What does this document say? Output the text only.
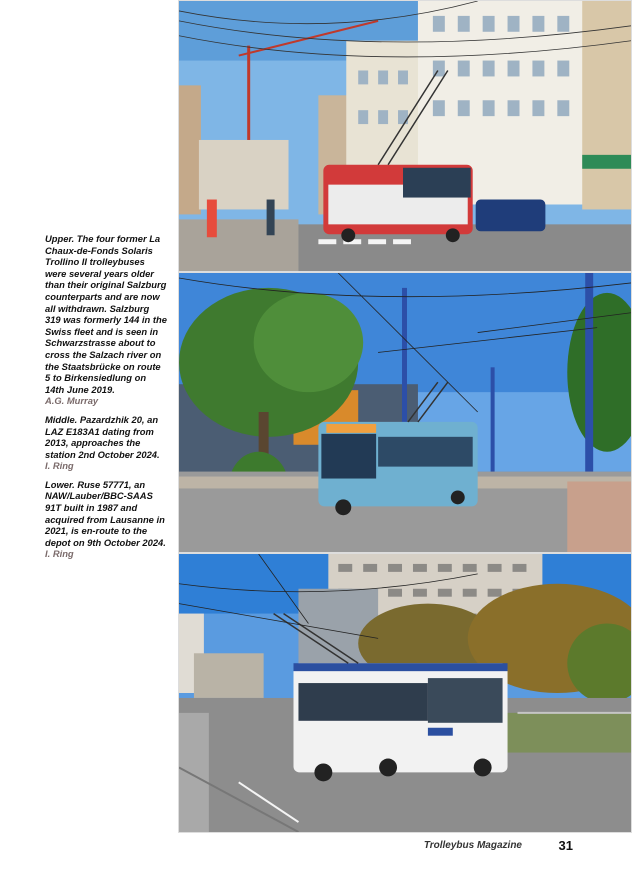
Upper. The four former La Chaux-de-Fonds Solaris Trollino II trolleybuses were several years older than their original Salzburg counterparts and are now all withdrawn. Salzburg 319 was formerly 144 in the Swiss fleet and is seen in Schwarzstrasse about to cross the Salzach river on the Staatsbrücke on route 5 to Birkensiedlung on 14th June 2019.
A.G. Murray

Middle. Pazardzhik 20, an LAZ E183A1 dating from 2013, approaches the station 2nd October 2024. I. Ring

Lower. Ruse 57771, an NAW/Lauber/BBC-SAAS 91T built in 1987 and acquired from Lausanne in 2021, is en-route to the depot on 9th October 2024. I. Ring

Trolleybus Magazine	31
